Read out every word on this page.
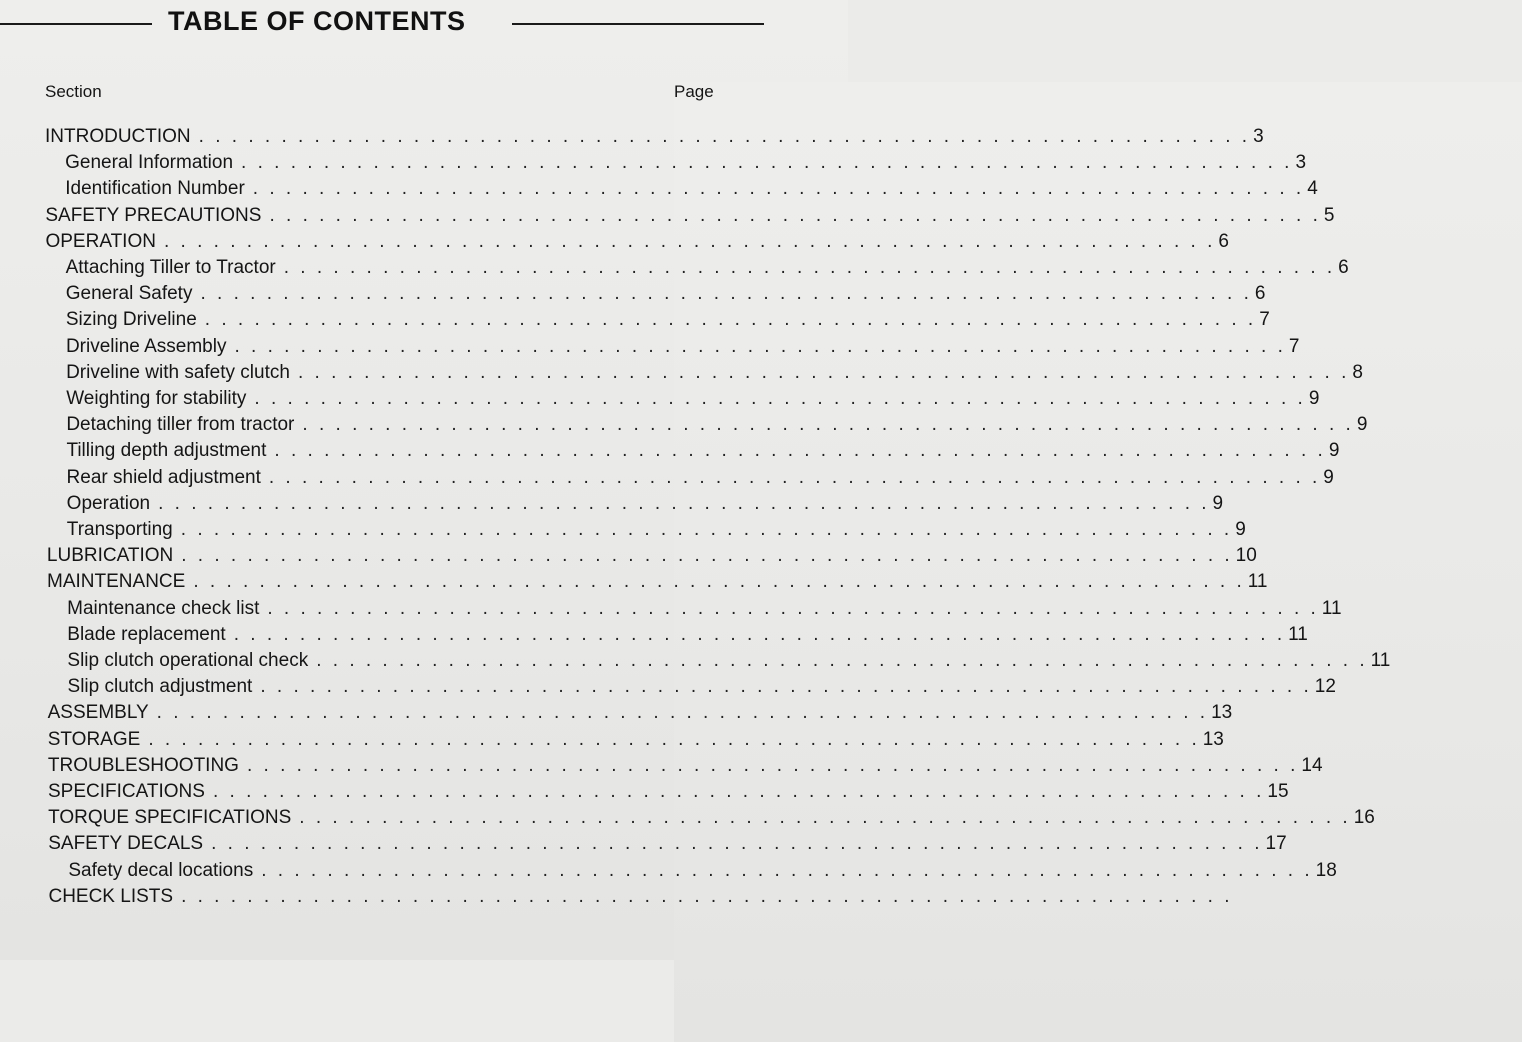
TABLE OF CONTENTS
Section	Page
INTRODUCTION . . . . . . . . . . . . . . . . . . . . . . . . . . . . . . . . . . . . . . . . . . . . . . . . . . . . . . . . . . . . . . . . 3
General Information . . . . . . . . . . . . . . . . . . . . . . . . . . . . . . . . . . . . . . . . . . . . . . . . . . . . . . . . . . . . . . . . 3
Identification Number . . . . . . . . . . . . . . . . . . . . . . . . . . . . . . . . . . . . . . . . . . . . . . . . . . . . . . . . . . . . . . . . 4
SAFETY PRECAUTIONS . . . . . . . . . . . . . . . . . . . . . . . . . . . . . . . . . . . . . . . . . . . . . . . . . . . . . . . . . . . . . . . . 5
OPERATION . . . . . . . . . . . . . . . . . . . . . . . . . . . . . . . . . . . . . . . . . . . . . . . . . . . . . . . . . . . . . . . . 6
Attaching Tiller to Tractor . . . . . . . . . . . . . . . . . . . . . . . . . . . . . . . . . . . . . . . . . . . . . . . . . . . . . . . . . . . . . . . . 6
General Safety . . . . . . . . . . . . . . . . . . . . . . . . . . . . . . . . . . . . . . . . . . . . . . . . . . . . . . . . . . . . . . . . 6
Sizing Driveline . . . . . . . . . . . . . . . . . . . . . . . . . . . . . . . . . . . . . . . . . . . . . . . . . . . . . . . . . . . . . . . . 7
Driveline Assembly . . . . . . . . . . . . . . . . . . . . . . . . . . . . . . . . . . . . . . . . . . . . . . . . . . . . . . . . . . . . . . . . 7
Driveline with safety clutch . . . . . . . . . . . . . . . . . . . . . . . . . . . . . . . . . . . . . . . . . . . . . . . . . . . . . . . . . . . . . . . . 8
Weighting for stability . . . . . . . . . . . . . . . . . . . . . . . . . . . . . . . . . . . . . . . . . . . . . . . . . . . . . . . . . . . . . . . . 9
Detaching tiller from tractor . . . . . . . . . . . . . . . . . . . . . . . . . . . . . . . . . . . . . . . . . . . . . . . . . . . . . . . . . . . . . . . . 9
Tilling depth adjustment . . . . . . . . . . . . . . . . . . . . . . . . . . . . . . . . . . . . . . . . . . . . . . . . . . . . . . . . . . . . . . . . 9
Rear shield adjustment . . . . . . . . . . . . . . . . . . . . . . . . . . . . . . . . . . . . . . . . . . . . . . . . . . . . . . . . . . . . . . . . 9
Operation . . . . . . . . . . . . . . . . . . . . . . . . . . . . . . . . . . . . . . . . . . . . . . . . . . . . . . . . . . . . . . . . 9
Transporting . . . . . . . . . . . . . . . . . . . . . . . . . . . . . . . . . . . . . . . . . . . . . . . . . . . . . . . . . . . . . . . . 9
LUBRICATION . . . . . . . . . . . . . . . . . . . . . . . . . . . . . . . . . . . . . . . . . . . . . . . . . . . . . . . . . . . . . . . . 10
MAINTENANCE . . . . . . . . . . . . . . . . . . . . . . . . . . . . . . . . . . . . . . . . . . . . . . . . . . . . . . . . . . . . . . . . 11
Maintenance check list . . . . . . . . . . . . . . . . . . . . . . . . . . . . . . . . . . . . . . . . . . . . . . . . . . . . . . . . . . . . . . . . 11
Blade replacement . . . . . . . . . . . . . . . . . . . . . . . . . . . . . . . . . . . . . . . . . . . . . . . . . . . . . . . . . . . . . . . . 11
Slip clutch operational check . . . . . . . . . . . . . . . . . . . . . . . . . . . . . . . . . . . . . . . . . . . . . . . . . . . . . . . . . . . . . . . . 11
Slip clutch adjustment . . . . . . . . . . . . . . . . . . . . . . . . . . . . . . . . . . . . . . . . . . . . . . . . . . . . . . . . . . . . . . . . 12
ASSEMBLY . . . . . . . . . . . . . . . . . . . . . . . . . . . . . . . . . . . . . . . . . . . . . . . . . . . . . . . . . . . . . . . . 13
STORAGE . . . . . . . . . . . . . . . . . . . . . . . . . . . . . . . . . . . . . . . . . . . . . . . . . . . . . . . . . . . . . . . . 13
TROUBLESHOOTING . . . . . . . . . . . . . . . . . . . . . . . . . . . . . . . . . . . . . . . . . . . . . . . . . . . . . . . . . . . . . . . . 14
SPECIFICATIONS . . . . . . . . . . . . . . . . . . . . . . . . . . . . . . . . . . . . . . . . . . . . . . . . . . . . . . . . . . . . . . . . 15
TORQUE SPECIFICATIONS . . . . . . . . . . . . . . . . . . . . . . . . . . . . . . . . . . . . . . . . . . . . . . . . . . . . . . . . . . . . . . . . 16
SAFETY DECALS . . . . . . . . . . . . . . . . . . . . . . . . . . . . . . . . . . . . . . . . . . . . . . . . . . . . . . . . . . . . . . . . 17
Safety decal locations . . . . . . . . . . . . . . . . . . . . . . . . . . . . . . . . . . . . . . . . . . . . . . . . . . . . . . . . . . . . . . . . 18
CHECK LISTS . . . . . . . . . . . . . . . . . . . . . . . . . . . . . . . . . . . . . . . . . . . . . . . . . . . . . . . . . . . . . . . .
